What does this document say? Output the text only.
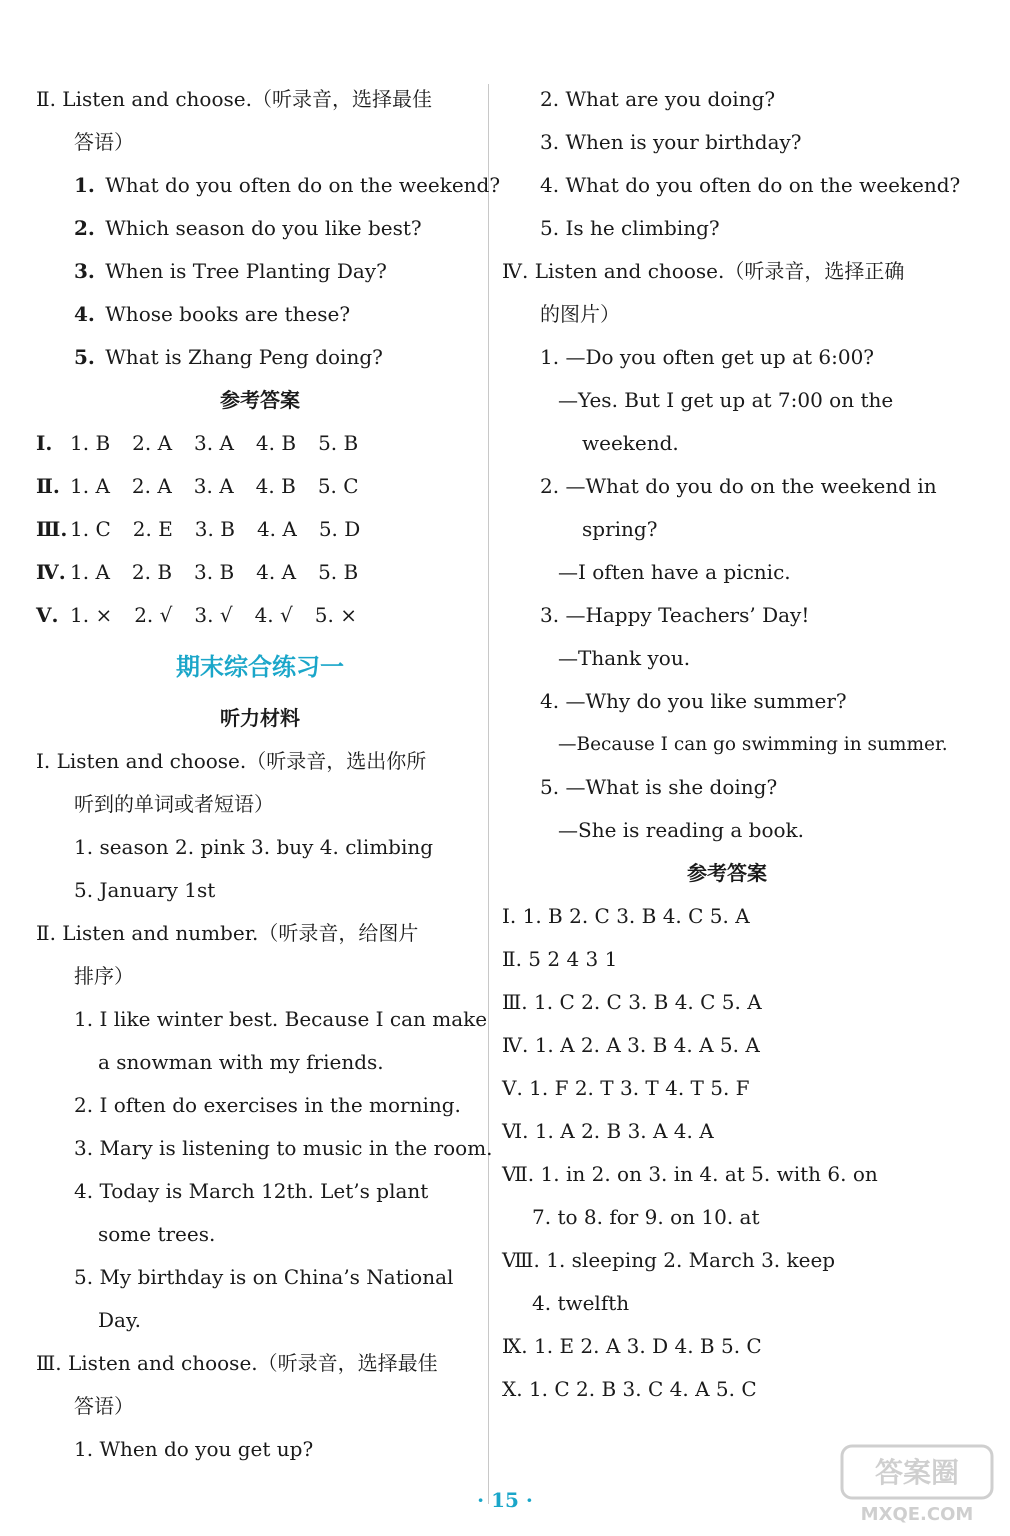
Ⅱ. Listen and choose.（听录音，选择最佳
答语）
1. What do you often do on the weekend?
2. Which season do you like best?
3. When is Tree Planting Day?
4. Whose books are these?
5. What is Zhang Peng doing?
参考答案
Ⅰ. 1. B 2. A 3. A 4. B 5. B
Ⅱ. 1. A 2. A 3. A 4. B 5. C
Ⅲ. 1. C 2. E 3. B 4. A 5. D
Ⅳ. 1. A 2. B 3. B 4. A 5. B
Ⅴ. 1. × 2. √ 3. √ 4. √ 5. ×
期末综合练习一
听力材料
Ⅰ. Listen and choose.（听录音，选出你所
听到的单词或者短语）
1. season 2. pink 3. buy 4. climbing
5. January 1st
Ⅱ. Listen and number.（听录音，给图片
排序）
1. I like winter best. Because I can make
a snowman with my friends.
2. I often do exercises in the morning.
3. Mary is listening to music in the room.
4. Today is March 12th. Let’s plant
some trees.
5. My birthday is on China’s National
Day.
Ⅲ. Listen and choose.（听录音，选择最佳
答语）
1. When do you get up?
2. What are you doing?
3. When is your birthday?
4. What do you often do on the weekend?
5. Is he climbing?
Ⅳ. Listen and choose.（听录音，选择正确
的图片）
1. —Do you often get up at 6:00?
—Yes. But I get up at 7:00 on the
weekend.
2. —What do you do on the weekend in
spring?
—I often have a picnic.
3. —Happy Teachers’ Day!
—Thank you.
4. —Why do you like summer?
—Because I can go swimming in summer.
5. —What is she doing?
—She is reading a book.
参考答案
Ⅰ. 1. B 2. C 3. B 4. C 5. A
Ⅱ. 5 2 4 3 1
Ⅲ. 1. C 2. C 3. B 4. C 5. A
Ⅳ. 1. A 2. A 3. B 4. A 5. A
Ⅴ. 1. F 2. T 3. T 4. T 5. F
Ⅵ. 1. A 2. B 3. A 4. A
Ⅶ. 1. in 2. on 3. in 4. at 5. with 6. on
7. to 8. for 9. on 10. at
Ⅷ. 1. sleeping 2. March 3. keep
4. twelfth
Ⅸ. 1. E 2. A 3. D 4. B 5. C
Ⅹ. 1. C 2. B 3. C 4. A 5. C
· 15 ·
答案圈
MXQE.COM
